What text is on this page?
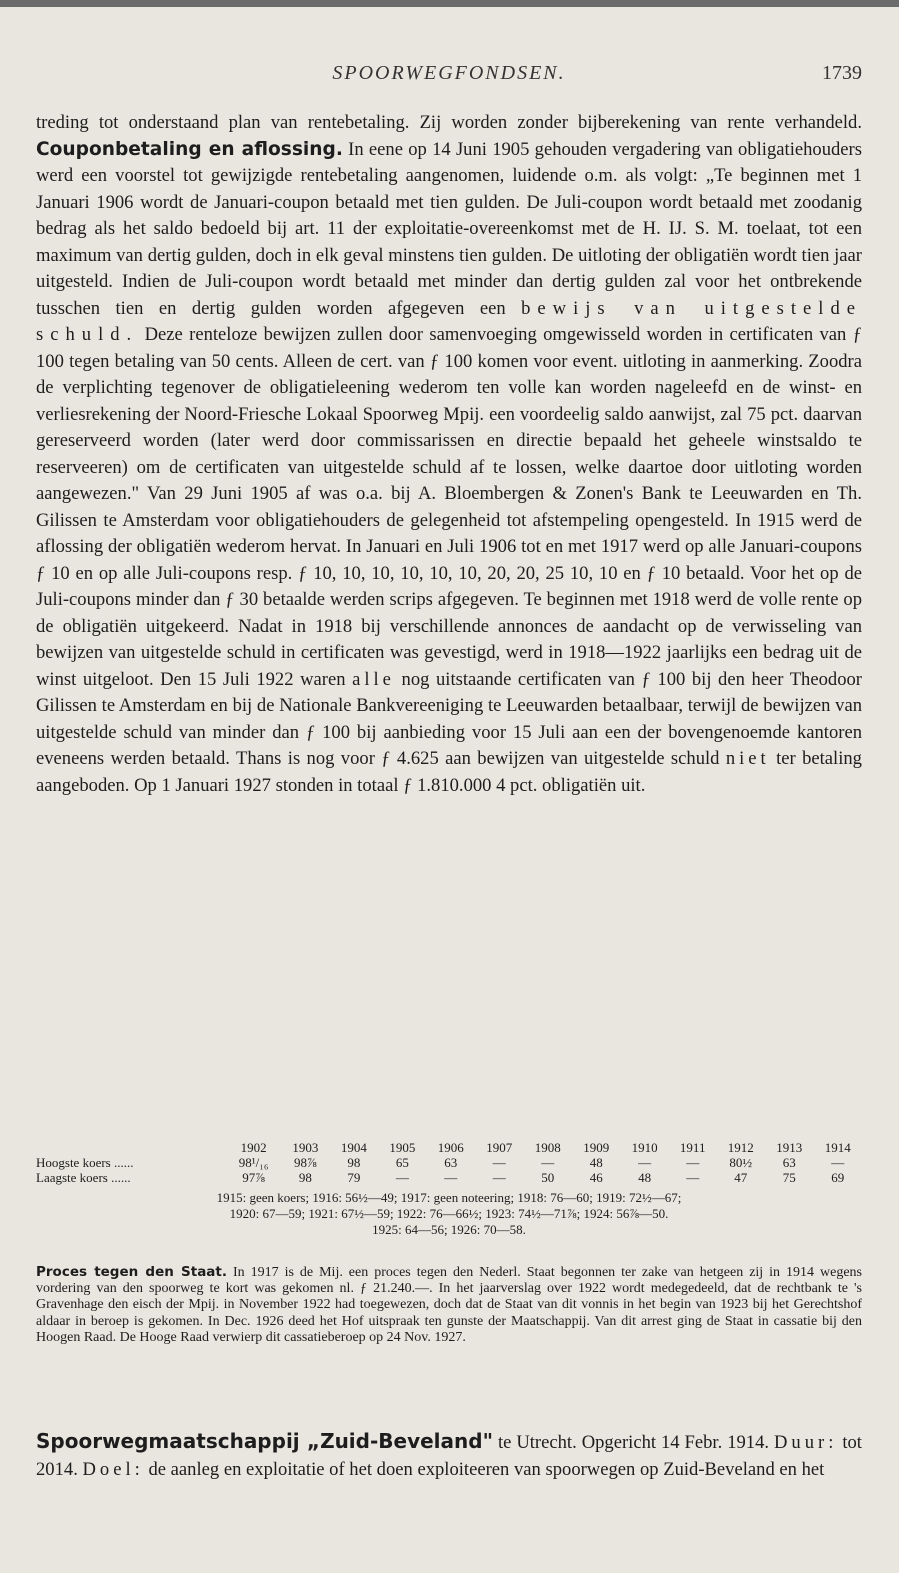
SPOORWEGFONDSEN.	1739

treding tot onderstaand plan van rentebetaling. Zij worden zonder bijberekening van rente verhandeld. Couponbetaling en aflossing. In eene op 14 Juni 1905 gehouden vergadering van obligatiehouders werd een voorstel tot gewijzigde rentebetaling aangenomen, luidende o.m. als volgt: „Te beginnen met 1 Januari 1906 wordt de Januari-coupon betaald met tien gulden. De Juli-coupon wordt betaald met zoodanig bedrag als het saldo bedoeld bij art. 11 der exploitatie-overeenkomst met de H. IJ. S. M. toelaat, tot een maximum van dertig gulden, doch in elk geval minstens tien gulden. De uitloting der obligatiën wordt tien jaar uitgesteld. Indien de Juli-coupon wordt betaald met minder dan dertig gulden zal voor het ontbrekende tusschen tien en dertig gulden worden afgegeven een bewijs van uitgestelde schuld. Deze renteloze bewijzen zullen door samenvoeging omgewisseld worden in certificaten van ƒ 100 tegen betaling van 50 cents. Alleen de cert. van ƒ 100 komen voor event. uitloting in aanmerking. Zoodra de verplichting tegenover de obligatieleening wederom ten volle kan worden nageleefd en de winst- en verliesrekening der Noord-Friesche Lokaal Spoorweg Mpij. een voordeelig saldo aanwijst, zal 75 pct. daarvan gereserveerd worden (later werd door commissarissen en directie bepaald het geheele winstsaldo te reserveeren) om de certificaten van uitgestelde schuld af te lossen, welke daartoe door uitloting worden aangewezen." Van 29 Juni 1905 af was o.a. bij A. Bloembergen & Zonen's Bank te Leeuwarden en Th. Gilissen te Amsterdam voor obligatiehouders de gelegenheid tot afstempeling opengesteld. In 1915 werd de aflossing der obligatiën wederom hervat. In Januari en Juli 1906 tot en met 1917 werd op alle Januari-coupons ƒ 10 en op alle Juli-coupons resp. ƒ 10, 10, 10, 10, 10, 10, 20, 20, 25 10, 10 en ƒ 10 betaald. Voor het op de Juli-coupons minder dan ƒ 30 betaalde werden scrips afgegeven. Te beginnen met 1918 werd de volle rente op de obligatiën uitgekeerd. Nadat in 1918 bij verschillende annonces de aandacht op de verwisseling van bewijzen van uitgestelde schuld in certificaten was gevestigd, werd in 1918—1922 jaarlijks een bedrag uit de winst uitgeloot. Den 15 Juli 1922 waren alle nog uitstaande certificaten van ƒ 100 bij den heer Theodoor Gilissen te Amsterdam en bij de Nationale Bankvereeniging te Leeuwarden betaalbaar, terwijl de bewijzen van uitgestelde schuld van minder dan ƒ 100 bij aanbieding voor 15 Juli aan een der bovengenoemde kantoren eveneens werden betaald. Thans is nog voor ƒ 4.625 aan bewijzen van uitgestelde schuld niet ter betaling aangeboden. Op 1 Januari 1927 stonden in totaal ƒ 1.810.000 4 pct. obligatiën uit.

	1902	1903	1904	1905	1906	1907	1908	1909	1910	1911	1912	1913	1914
Hoogste koers ......	98¹/₁₆	98⅞	98	65	63	—	—	48	—	—	80½	63	—
Laagste koers ......	97⅞	98	79	—	—	—	50	46	48	—	47	75	69
1915: geen koers; 1916: 56½—49; 1917: geen noteering; 1918: 76—60; 1919: 72½—67;
1920: 67—59; 1921: 67½—59; 1922: 76—66½; 1923: 74½—71⅞; 1924: 56⅞—50.
1925: 64—56; 1926: 70—58.

Proces tegen den Staat. In 1917 is de Mij. een proces tegen den Nederl. Staat begonnen ter zake van hetgeen zij in 1914 wegens vordering van den spoorweg te kort was gekomen nl. ƒ 21.240.—. In het jaarverslag over 1922 wordt medegedeeld, dat de rechtbank te 's Gravenhage den eisch der Mpij. in November 1922 had toegewezen, doch dat de Staat van dit vonnis in het begin van 1923 bij het Gerechtshof aldaar in beroep is gekomen. In Dec. 1926 deed het Hof uitspraak ten gunste der Maatschappij. Van dit arrest ging de Staat in cassatie bij den Hoogen Raad. De Hooge Raad verwierp dit cassatieberoep op 24 Nov. 1927.

Spoorwegmaatschappij „Zuid-Beveland" te Utrecht. Opgericht 14 Febr. 1914. Duur: tot 2014. Doel: de aanleg en exploitatie of het doen exploiteeren van spoorwegen op Zuid-Beveland en het
